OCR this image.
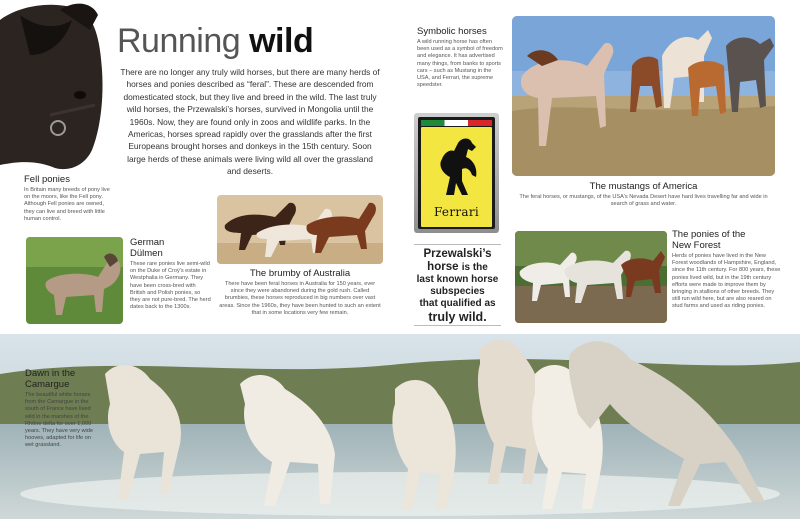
Fell ponies

In Britain many breeds of pony live on the moors, like the Fell pony. Although Fell ponies are owned, they can live and breed with little human control.

German
Dülmen

These rare ponies live semi-wild on the Duke of Croÿ's estate in Westphalia in Germany. They have been cross-bred with British and Polish ponies, so they are not pure-bred. The herd dates back to the 1300s.

Running wild

There are no longer any truly wild horses, but there are many herds of horses and ponies described as “feral”. These are descended from domesticated stock, but they live and breed in the wild. The last truly wild horses, the Przewalski’s horses, survived in Mongolia until the 1960s. Now, they are found only in zoos and wildlife parks. In the Americas, horses spread rapidly over the grasslands after the first Europeans brought horses and donkeys in the 15th century. Soon large herds of these animals were living wild all over the grassland and deserts.

The brumby of Australia

There have been feral horses in Australia for 150 years, ever since they were abandoned during the gold rush. Called brumbies, these horses reproduced in big numbers over vast areas. Since the 1960s, they have been hunted to such an extent that in some locations very few remain.

Symbolic horses

A wild running horse has often been used as a symbol of freedom and elegance. It has advertised many things, from banks to sports cars – such as Mustang in the USA, and Ferrari, the supreme speedster.

Ferrari
Przewalski’s
horse is the
last known horse
subspecies
that qualified as
truly wild.
The mustangs of America

The feral horses, or mustangs, of the USA's Nevada Desert have hard lives travelling far and wide in search of grass and water.

The ponies of the
New Forest

Herds of ponies have lived in the New Forest woodlands of Hampshire, England, since the 11th century. For 800 years, these ponies lived wild, but in the 19th century efforts were made to improve them by bringing in stallions of other breeds. They still run wild here, but are also reared on stud farms and used as riding ponies.

Dawn in the
Camargue

The beautiful white horses from the Camargue in the south of France have lived wild in the marshes of the Rhône delta for over 1,000 years. They have very wide hooves, adapted for life on wet grassland.
